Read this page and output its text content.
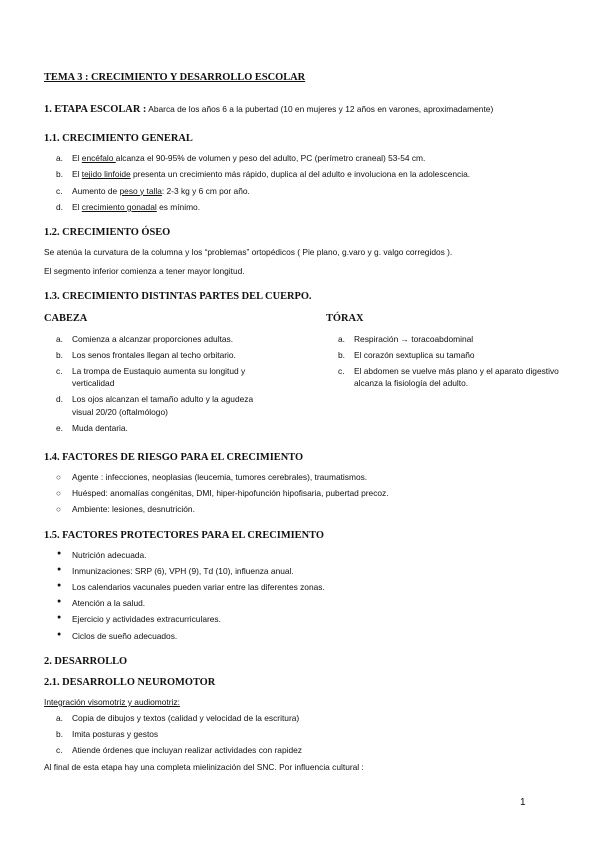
TEMA 3 : CRECIMIENTO Y DESARROLLO ESCOLAR
1. ETAPA ESCOLAR : Abarca de los años 6 a la pubertad (10 en mujeres y 12 años en varones, aproximadamente)
1.1. CRECIMIENTO GENERAL
a. El encéfalo alcanza el 90-95% de volumen y peso del adulto, PC (perímetro craneal) 53-54 cm.
b. El tejido linfoide presenta un crecimiento más rápido, duplica al del adulto e involuciona en la adolescencia.
c. Aumento de peso y talla: 2-3 kg y 6 cm por año.
d. El crecimiento gonadal es mínimo.
1.2. CRECIMIENTO ÓSEO

Se atenúa la curvatura de la columna y los “problemas” ortopédicos ( Pie plano, g.varo y g. valgo corregidos ).

El segmento inferior comienza a tener mayor longitud.

1.3. CRECIMIENTO DISTINTAS PARTES DEL CUERPO.
CABEZA
a. Comienza a alcanzar proporciones adultas.
b. Los senos frontales llegan al techo orbitario.
c. La trompa de Eustaquio aumenta su longitud y verticalidad
d. Los ojos alcanzan el tamaño adulto y la agudeza visual 20/20 (oftalmólogo)
e. Muda dentaria.
TÓRAX
a. Respiración → toracoabdominal
b. El corazón sextuplica su tamaño
c. El abdomen se vuelve más plano y el aparato digestivo alcanza la fisiología del adulto.
1.4. FACTORES DE RIESGO PARA EL CRECIMIENTO
○ Agente : infecciones, neoplasias (leucemia, tumores cerebrales), traumatismos.
○ Huésped: anomalías congénitas, DMI, hiper-hipofunción hipofisaria, pubertad precoz.
○ Ambiente: lesiones, desnutrición.
1.5. FACTORES PROTECTORES PARA EL CRECIMIENTO
● Nutrición adecuada.
● Inmunizaciones: SRP (6), VPH (9), Td (10), influenza anual.
● Los calendarios vacunales pueden variar entre las diferentes zonas.
● Atención a la salud.
● Ejercicio y actividades extracurriculares.
● Ciclos de sueño adecuados.
2. DESARROLLO
2.1. DESARROLLO NEUROMOTOR

Integración visomotriz y audiomotriz:

a. Copia de dibujos y textos (calidad y velocidad de la escritura)
b. Imita posturas y gestos
c. Atiende órdenes que incluyan realizar actividades con rapidez

Al final de esta etapa hay una completa mielinización del SNC. Por influencia cultural :

1
